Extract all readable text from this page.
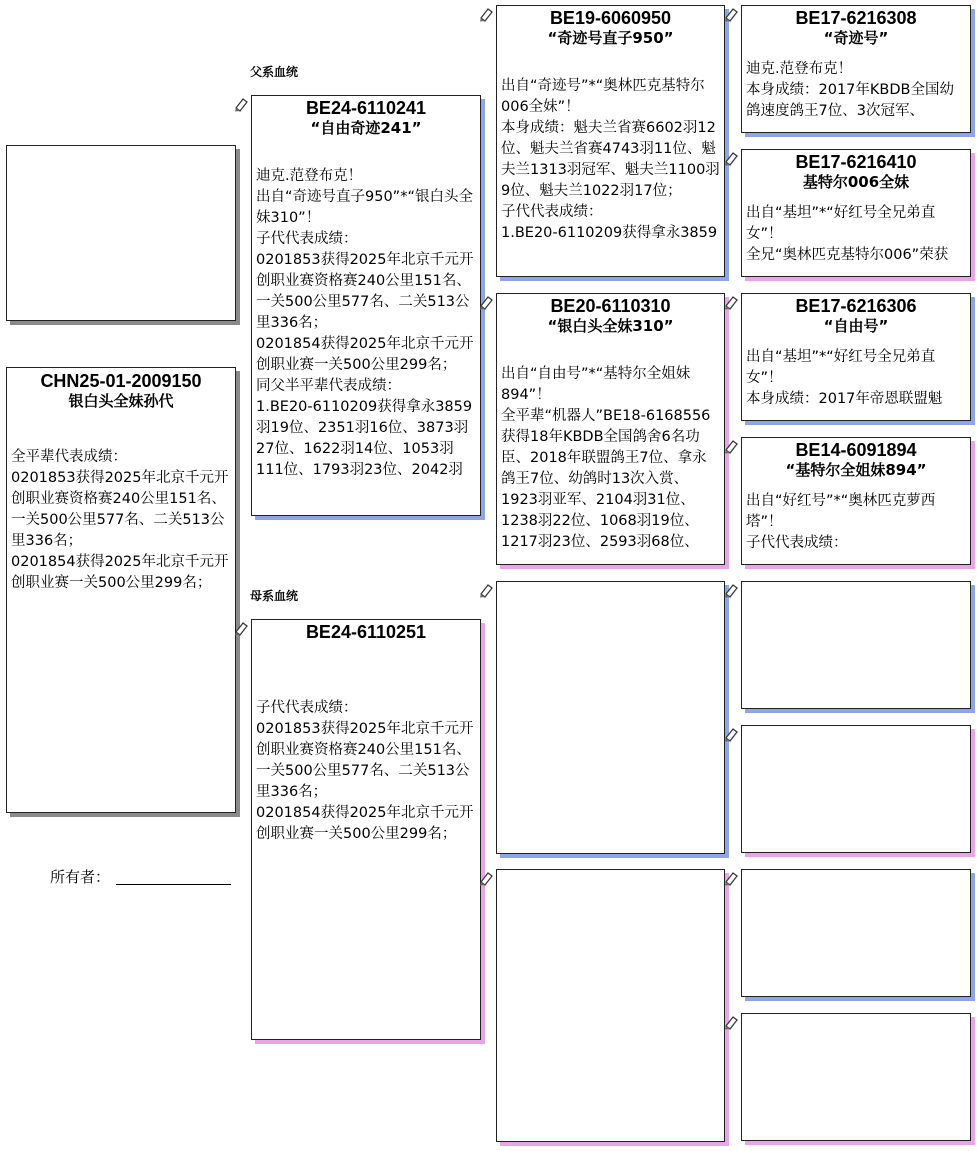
父系血统
母系血统
CHN25-01-2009150
银白头全妹孙代
全平辈代表成绩：
0201853获得2025年北京千元开创职业赛资格赛240公里151名、一关500公里577名、二关513公里336名；
0201854获得2025年北京千元开创职业赛一关500公里299名；
所有者：
BE24-6110241
“自由奇迹241”
迪克.范登布克！
出自“奇迹号直子950”*“银白头全妹310”！
子代代表成绩：
0201853获得2025年北京千元开创职业赛资格赛240公里151名、一关500公里577名、二关513公里336名；
0201854获得2025年北京千元开创职业赛一关500公里299名；
同父半平辈代表成绩：
1.BE20-6110209获得拿永3859羽19位、2351羽16位、3873羽27位、1622羽14位、1053羽111位、1793羽23位、2042羽
BE24-6110251
子代代表成绩：
0201853获得2025年北京千元开创职业赛资格赛240公里151名、一关500公里577名、二关513公里336名；
0201854获得2025年北京千元开创职业赛一关500公里299名；
BE19-6060950
“奇迹号直子950”
出自“奇迹号”*“奥林匹克基特尔006全妹”！
本身成绩：魁夫兰省赛6602羽12位、魁夫兰省赛4743羽11位、魁夫兰1313羽冠军、魁夫兰1100羽9位、魁夫兰1022羽17位；
子代代表成绩：
1.BE20-6110209获得拿永3859
BE20-6110310
“银白头全妹310”
出自“自由号”*“基特尔全姐妹894”！
全平辈“机器人”BE18-6168556获得18年KBDB全国鸽舍6名功臣、2018年联盟鸽王7位、拿永鸽王7位、幼鸽时13次入赏、1923羽亚军、2104羽31位、1238羽22位、1068羽19位、1217羽23位、2593羽68位、
BE17-6216308
“奇迹号”
迪克.范登布克！
本身成绩：2017年KBDB全国幼鸽速度鸽王7位、3次冠军、
BE17-6216410
基特尔006全妹
出自“基坦”*“好红号全兄弟直女”！
全兄“奥林匹克基特尔006”荣获
BE17-6216306
“自由号”
出自“基坦”*“好红号全兄弟直女”！
本身成绩：2017年帝恩联盟魁
BE14-6091894
“基特尔全姐妹894”
出自“好红号”*“奥林匹克萝西塔”！
子代代表成绩：
